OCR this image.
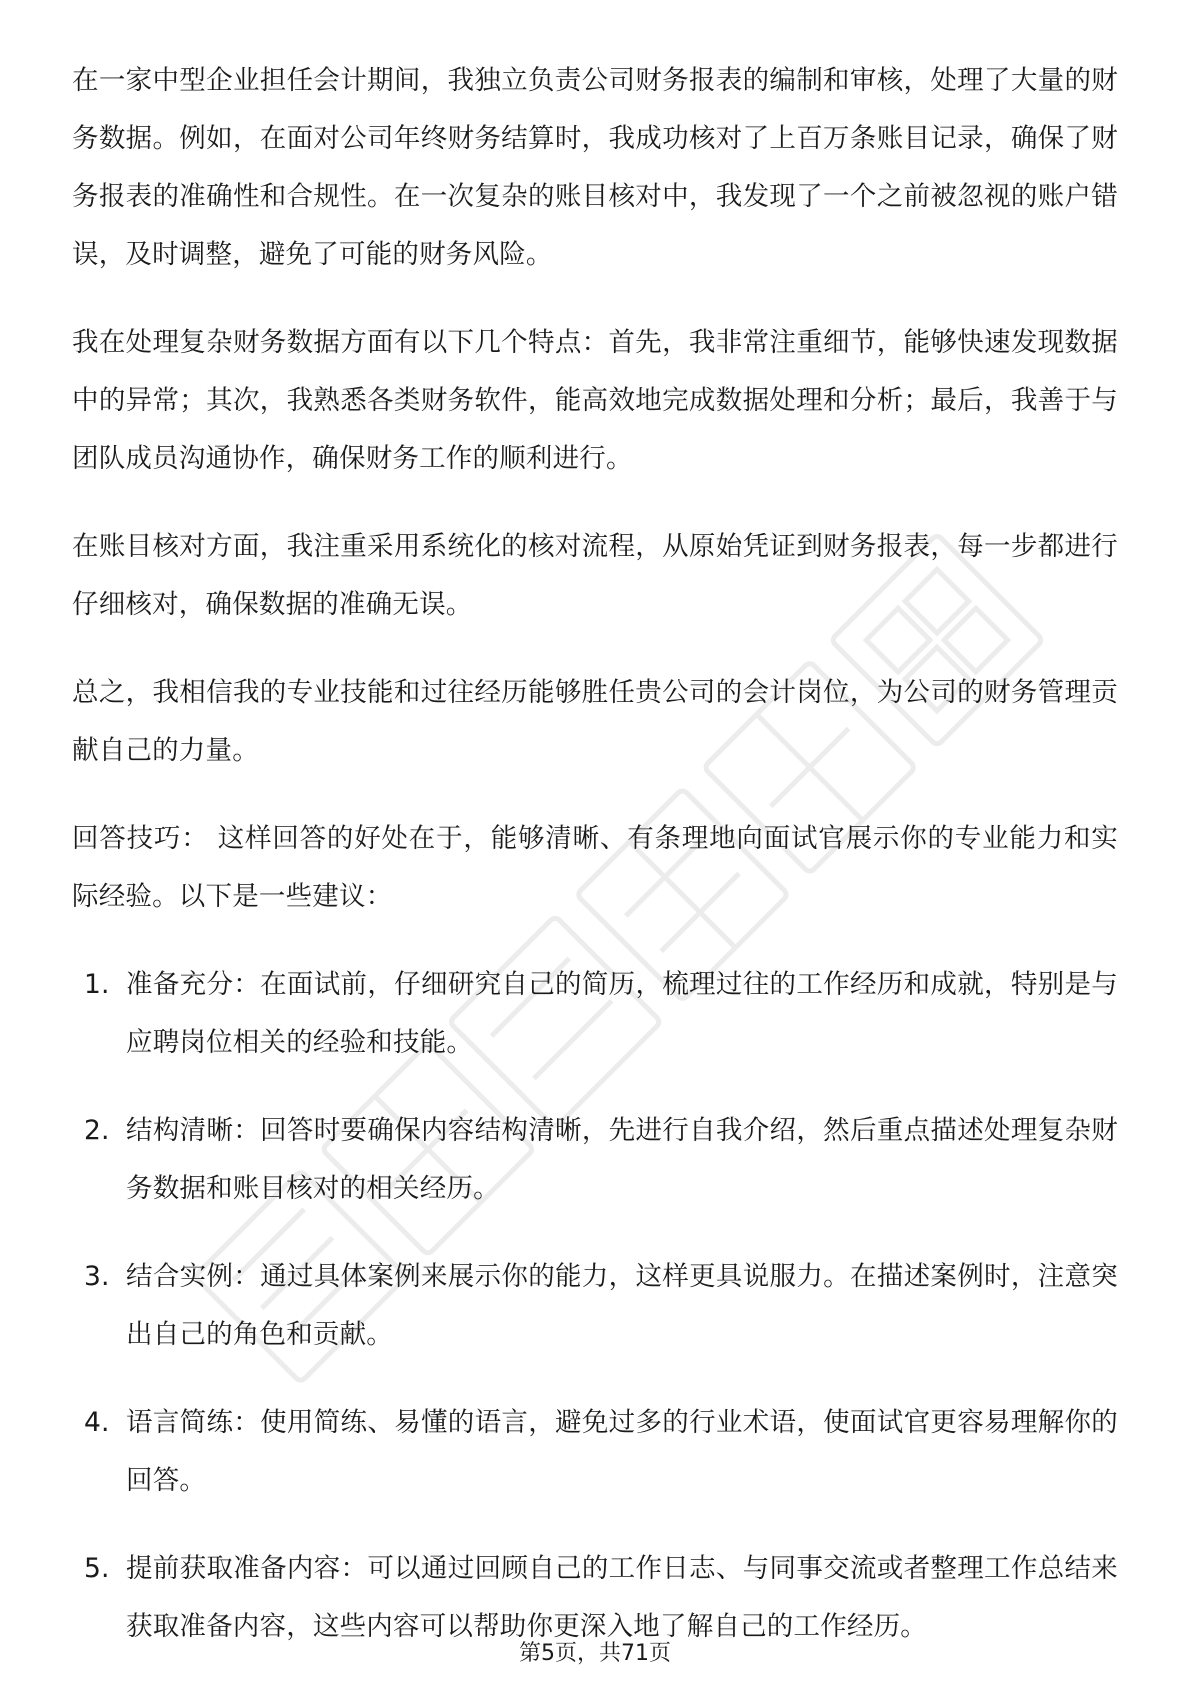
在一家中型企业担任会计期间，我独立负责公司财务报表的编制和审核，处理了大量的财务数据。例如，在面对公司年终财务结算时，我成功核对了上百万条账目记录，确保了财务报表的准确性和合规性。在一次复杂的账目核对中，我发现了一个之前被忽视的账户错误，及时调整，避免了可能的财务风险。

我在处理复杂财务数据方面有以下几个特点：首先，我非常注重细节，能够快速发现数据中的异常；其次，我熟悉各类财务软件，能高效地完成数据处理和分析；最后，我善于与团队成员沟通协作，确保财务工作的顺利进行。

在账目核对方面，我注重采用系统化的核对流程，从原始凭证到财务报表，每一步都进行仔细核对，确保数据的准确无误。

总之，我相信我的专业技能和过往经历能够胜任贵公司的会计岗位，为公司的财务管理贡献自己的力量。

回答技巧： 这样回答的好处在于，能够清晰、有条理地向面试官展示你的专业能力和实际经验。以下是一些建议：

1. 准备充分：在面试前，仔细研究自己的简历，梳理过往的工作经历和成就，特别是与应聘岗位相关的经验和技能。
2. 结构清晰：回答时要确保内容结构清晰，先进行自我介绍，然后重点描述处理复杂财务数据和账目核对的相关经历。
3. 结合实例：通过具体案例来展示你的能力，这样更具说服力。在描述案例时，注意突出自己的角色和贡献。
4. 语言简练：使用简练、易懂的语言，避免过多的行业术语，使面试官更容易理解你的回答。
5. 提前获取准备内容：可以通过回顾自己的工作日志、与同事交流或者整理工作总结来获取准备内容，这些内容可以帮助你更深入地了解自己的工作经历。
第5页，共71页
